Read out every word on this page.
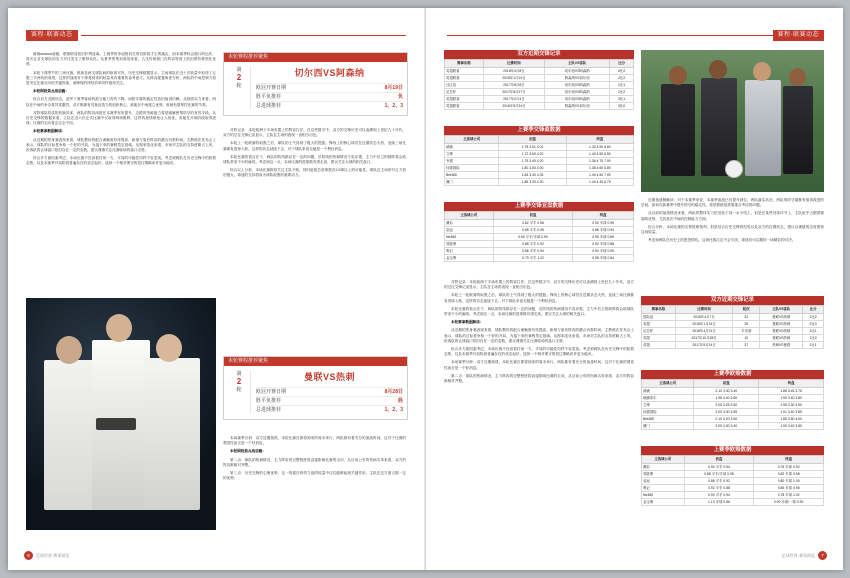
赛程·联赛动态

新赛season前瞻，联赛格局依旧扑朔迷离。上赛季的争冠格局在收官阶段才尘埃落定，而本赛季转会窗口的运作，再次让各支球队的实力对比发生了微妙变化。从夏季的集训表现来看，几支传统豪门在阵容厚度上依旧保持着领先优势。

本轮下课季节的三场比赛，都涉及两支球队间的宿命对决，历史交锋数据显示，主场球队在近十次较量中取得了五胜三平两负的成绩，这样的战绩对于即将到来的较量具有重要的参考意义。从阵容配置角度分析，两队的中场控制力将是决定比赛走向的关键因素，而锋线的终结效率同样值得关注。

本轮围绕焦点战前瞻：

综合双方近期状态，蓝军下赛季客场的抢分能力有所下降，而防守端的稳定性依旧值得信赖。从纸面实力来看，两队在中场的争夺将异常激烈，双方都拥有具备创造力的组织核心，谁能在中场建立优势，谁就有望掌控比赛的节奏。

对阵球队的攻防转换效率，两队的阵容深度在本赛季有所提升，边路的突破能力将是破解密集防守的有效手段。从历史交锋的数据来看，主队在近六次正式比赛中仅取得两场胜利，这样的战绩难免让人担忧。若能在开场阶段取得进球，比赛的走向将会完全不同。

本轮赛事数据解读：

从近期的热身赛表现来看，球队整体的配合流畅度有待提高，新援与原有阵容的磨合仍需时间。主教练在发布会上表示，球队的目标是争取一个好的开局，为接下来的赛程奠定基础。从赔率变化来看，市场对主队的支持度略占上风，但客队的让球盘口依旧存在一定的变数，建议谨慎关注比赛临场的盘口走势。

综合多方面因素考虑，本场比赛不宜高看任何一方，平局的可能性同样不容忽视。考虑到两队在历史交锋中的胶着态势，以及本赛季开局阶段普遍存在的状态起伏，选择一个相对保守的投注策略或许更为稳妥。

本轮赛程推荐聚焦
第
2
轮
切尔西VS阿森纳
欧冠开赛日期	8月19日
胜平负推荐	负
总进球推荐	1、2、3

对阵记录：本轮欧洲下半场布置上的阵容打法，在这些数字中，双方的交锋历史可以追溯到上世纪九十年代，双方的过往交锋记录显示，主队在主场的表现一直相当出色。

本轮上一轮联赛的取胜之后，球队的士气得到了极大的提振。锋线上的核心球员在近期状态火热，连续三场比赛都有进球入账，这样的状态延续下去，对于球队来说无疑是一个利好消息。

本轮比赛的看点在于，两队的防线都存在一定的问题，后防线的伤病情况不容乐观，主力中后卫的缺阵将会给球队带来不小的麻烦。考虑到这一点，本场比赛的进球数有望走高，建议关注大球的相关盘口。

综合以上分析，本场比赛推荐关注主队不败，同时留意总进球数在2.5球以上的可能性。球队在主场的号召力依旧强大，球迷的支持将成为球队取胜的重要动力。

本轮赛程推荐聚焦
第
2
轮
曼联VS热刺
欧冠开赛日期	8月28日
胜平负推荐	胜
总进球推荐	1、2、3

本场赛季分析：双方近期战绩，本轮比赛在即将到来的周末举行，两队都有着充分的备战时间，这对于比赛的观赏性而言是一个好消息。

本轮围绕焦点战前瞻：

第二点：球队的伤病情况，主力阵容的完整程度将直接影响比赛的走向，从目前公布的伤病名单来看，双方的阵容都相对齐整。

第三点：历史交锋的心理优势，这一因素在势均力敌的较量中往往能够起到关键作用，主队在这方面占据一定的优势。

6	足球世界·赛事预览
赛程·联赛动态
双方近期交锋记录
赛事名称	比赛时间	主队VS客队	比分
英超联赛	2018年4月8日	切尔西VS阿森纳	0比2
英超联赛	2018年1月10日	阿森纳VS切尔西	2比2
社区盾	2017年8月6日	切尔西VS阿森纳	1比1
足总杯	2017年5月27日	切尔西VS阿森纳	1比2
英超联赛	2017年2月4日	切尔西VS阿森纳	3比1
英超联赛	2016年9月24日	阿森纳VS切尔西	3比0
上赛季交锋盈数据
主客球公司	初盘	终盘
威廉	1.78 3.51 4.01	1.32 4.90 6.60
立博	1.72 3.60 4.20	1.40 4.50 6.50
韦德	1.75 3.40 4.20	1.36 4.75 7.00
伟德国际	1.80 3.50 4.00	1.38 4.60 6.80
Bet365	1.83 3.40 4.33	1.40 4.50 7.00
澳门	1.85 3.30 4.20	1.44 4.40 6.75
上赛季交锋亚盘数据
主客球公司	初盘	终盘
澳彩	0.82 平手 0.96	0.90 半球 0.90
皇冠	0.85 平手 0.95	0.88 半球 0.94
Ne365	0.90 平手/半球 0.90	0.95 半球 0.85
易胜博	0.88 平手 0.92	0.92 半球 0.88
利记	0.86 平手 0.94	0.90 半球 0.90
金宝博	0.79 平手 1.02	0.98 半球 0.84

近期备战侧解读：对于本赛季来说，本赛季备战已经提升到位。两队落实状况，两队的防守端都有值得改进的空间，如何在新赛季中提升防守的稳定性，将是教练组需要重点考虑的问题。

从目前的备战情况来看，两队的整体实力依旧处于同一水平线上，但是在某些具体环节上，主队似乎占据着微弱的优势，尤其是在中场的控制能力方面。

综合分析，本场比赛的走势较难预判，但是结合历史交锋的经验以及双方的近期状态，建议以谨慎的态度看待这场较量。

考虑到两队在历史上的恩怨情仇，这场比赛注定不会平淡，球迷们可以期待一场精彩的对决。

双方近期交锋记录
赛事名称	比赛时间	轮次	主队VS客队	比分
国际冠	2018年4月7日	32	曼联VS热刺	1比2
英超	2018年1月31日	25	曼联VS热刺	2比0
足总杯	2018年4月21日	半决赛	曼联VS热刺	2比1
英超	2017年10月28日	10	曼联VS热刺	1比0
英超	2017年5月14日	37	热刺VS曼联	2比1
上赛季欧赔数据
主客球公司	初盘	终盘
威廉	2.10 3.30 3.40	1.88 3.45 3.75
威廉希尔	1.98 3.40 3.60	1.90 3.40 3.80
立博	2.05 3.25 3.50	1.95 3.30 3.90
伟德国际	2.00 3.30 3.55	1.91 3.40 3.85
Bet365	2.10 3.20 3.50	1.85 3.50 4.00
澳门	2.05 3.30 3.40	1.90 3.40 3.80
上赛季欧赔数据
主客球公司	初盘	终盘
澳彩	0.90 平手 0.94	0.76 半球 0.92
易胜博	0.85 平手/半球 0.95	0.82 半球 0.98
皇冠	0.88 平手 0.92	0.80 半球 1.00
利记	0.92 平手 0.88	0.85 半球 0.95
Ne365	0.90 平手 0.94	0.78 半球 1.02
金宝博	1.13 半球 0.86	0.90 半球/一球 0.92

对阵记录：本轮欧洲下半场布置上的阵容打法，在这些数字中，双方的交锋历史可以追溯到上世纪九十年代，双方的过往交锋记录显示，主队在主场的表现一直相当出色。

本轮上一轮联赛的取胜之后，球队的士气得到了极大的提振。锋线上的核心球员在近期状态火热，连续三场比赛都有进球入账，这样的状态延续下去，对于球队来说无疑是一个利好消息。

本轮比赛的看点在于，两队的防线都存在一定的问题，后防线的伤病情况不容乐观，主力中后卫的缺阵将会给球队带来不小的麻烦。考虑到这一点，本场比赛的进球数有望走高，建议关注大球的相关盘口。

本轮赛事数据解读：

从近期的热身赛表现来看，球队整体的配合流畅度有待提高，新援与原有阵容的磨合仍需时间。主教练在发布会上表示，球队的目标是争取一个好的开局，为接下来的赛程奠定基础。从赔率变化来看，市场对主队的支持度略占上风，但客队的让球盘口依旧存在一定的变数，建议谨慎关注比赛临场的盘口走势。

综合多方面因素考虑，本场比赛不宜高看任何一方，平局的可能性同样不容忽视。考虑到两队在历史交锋中的胶着态势，以及本赛季开局阶段普遍存在的状态起伏，选择一个相对保守的投注策略或许更为稳妥。

本场赛季分析：双方近期战绩，本轮比赛在即将到来的周末举行，两队都有着充分的备战时间，这对于比赛的观赏性而言是一个好消息。

第二点：球队的伤病情况，主力阵容的完整程度将直接影响比赛的走向，从目前公布的伤病名单来看，双方的阵容都相对齐整。

足球世界·赛事预览	7
